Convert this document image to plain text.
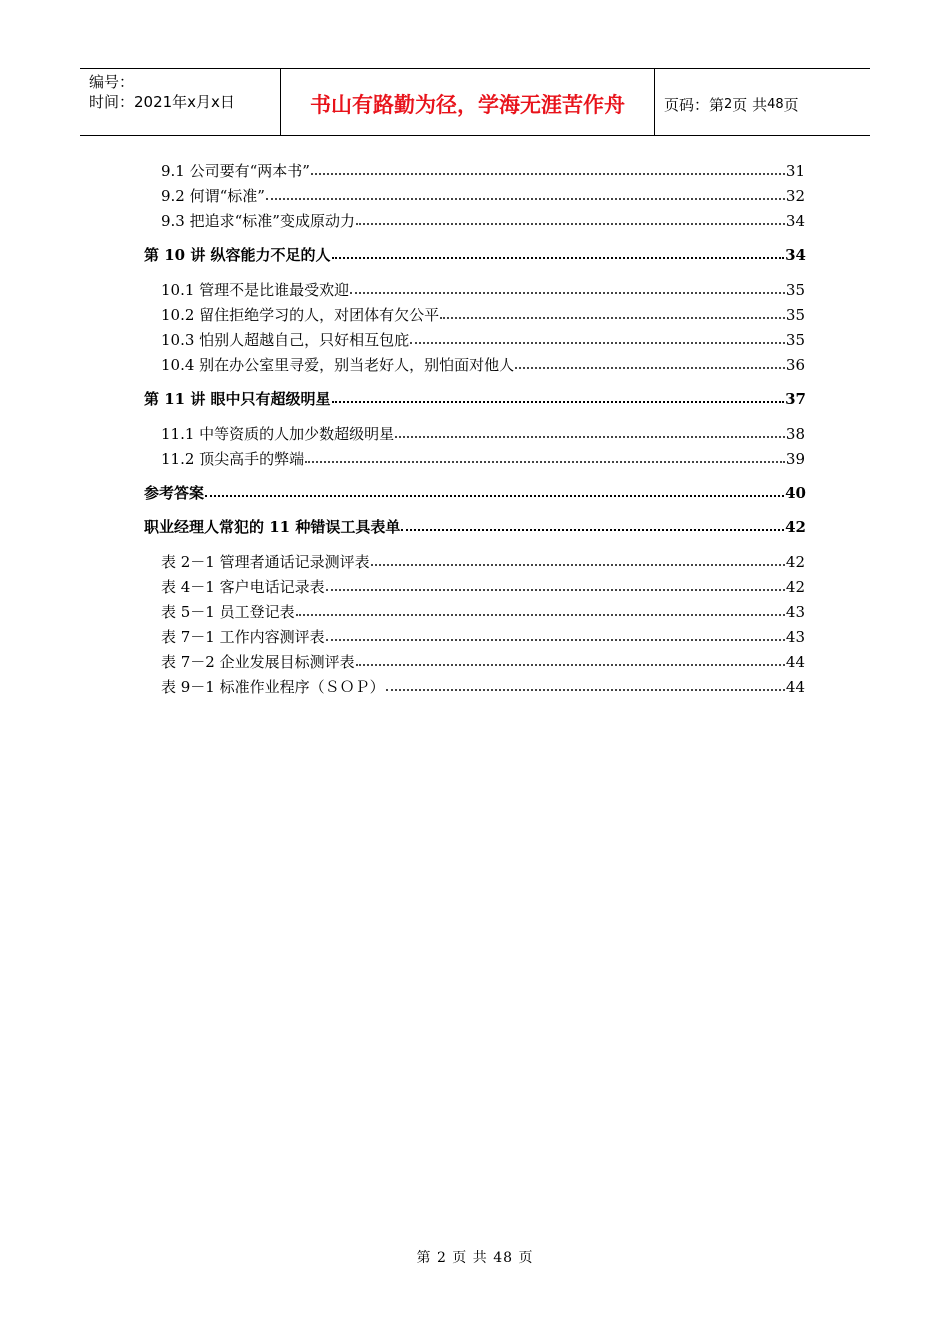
编号：
时间：2021年x月x日	书山有路勤为径，学海无涯苦作舟	页码：第 2 页 共 48 页
9.1 公司要有“两本书”	31
9.2 何谓“标准”	32
9.3 把追求“标准”变成原动力	34
第 10 讲 纵容能力不足的人	34
10.1 管理不是比谁最受欢迎	35
10.2 留住拒绝学习的人，对团体有欠公平	35
10.3 怕别人超越自己，只好相互包庇	35
10.4 别在办公室里寻爱，别当老好人，别怕面对他人	36
第 11 讲 眼中只有超级明星	37
11.1 中等资质的人加少数超级明星	38
11.2 顶尖高手的弊端	39
参考答案	40
职业经理人常犯的 11 种错误工具表单	42
表 2－1 管理者通话记录测评表	42
表 4－1 客户电话记录表	42
表 5－1 员工登记表	43
表 7－1 工作内容测评表	43
表 7－2 企业发展目标测评表	44
表 9－1 标准作业程序（ＳＯＰ）	44
第 2 页 共 48 页
